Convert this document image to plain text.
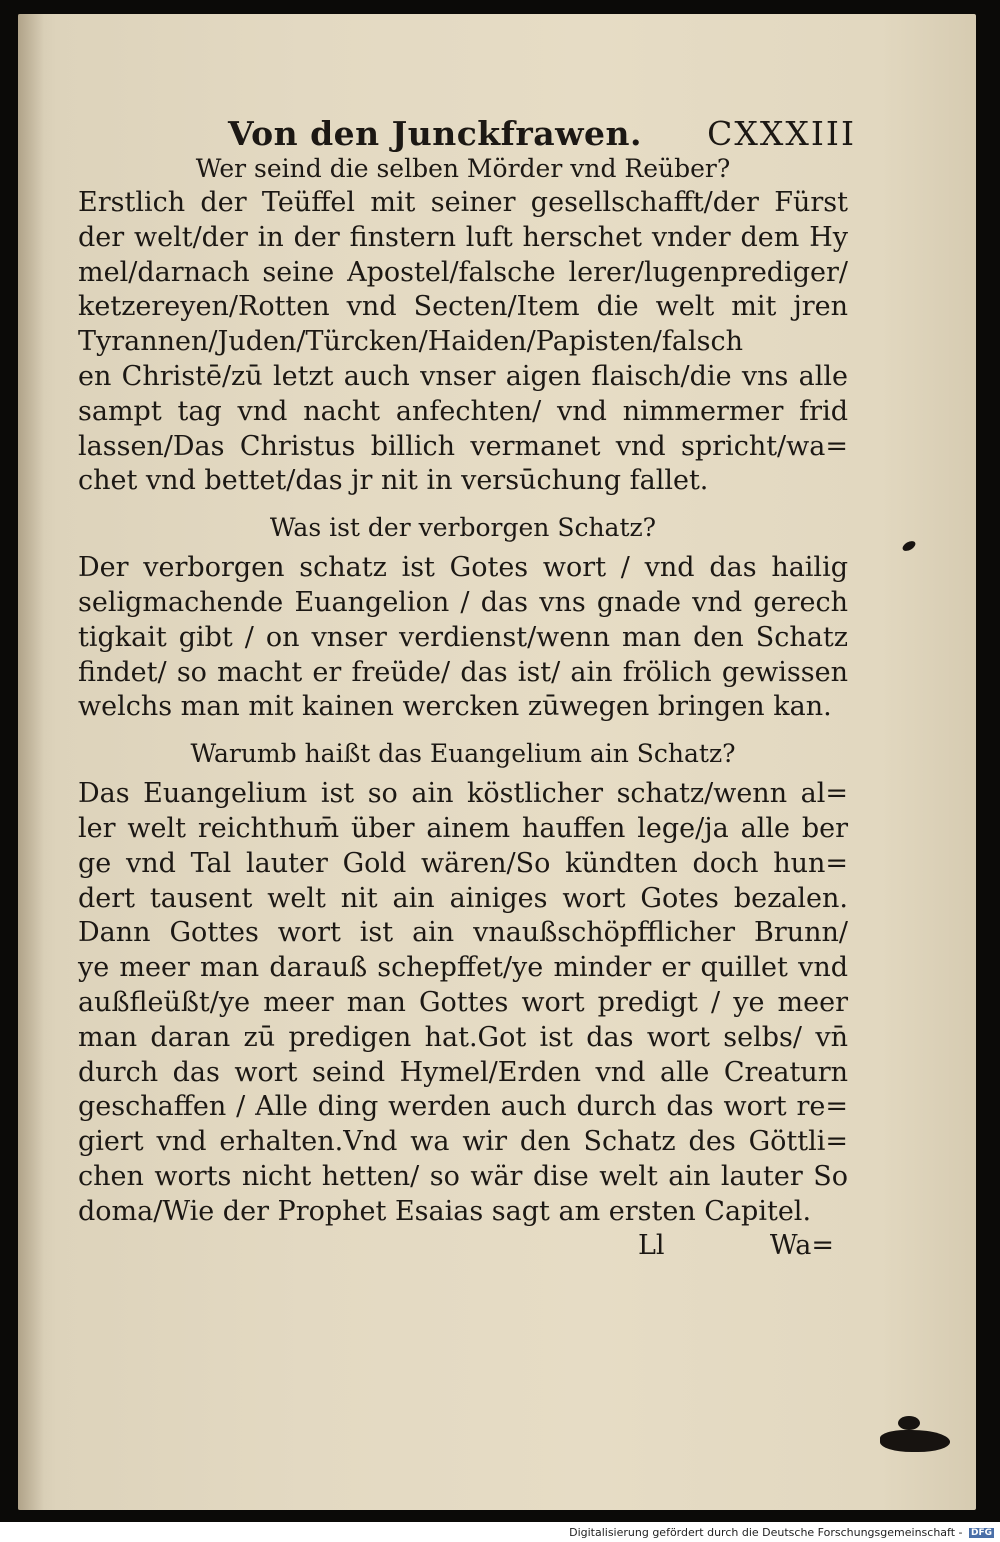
Von den Junckfrawen. CXXXIII

Wer seind die selben Mörder vnd Reüber?

Erstlich der Teüffel mit seiner gesellschafft/der Fürst
der welt/der in der finstern luft herschet vnder dem Hy
mel/darnach seine Apostel/falsche lerer/lugenprediger/
ketzereyen/Rotten vnd Secten/Item die welt mit jren
Tyrannen/Juden/Türcken/Haiden/Papisten/falsch
en Christē/zū letzt auch vnser aigen flaisch/die vns alle
sampt tag vnd nacht anfechten/ vnd nimmermer frid
lassen/Das Christus billich vermanet vnd spricht/wa=
chet vnd bettet/das jr nit in versūchung fallet.

Was ist der verborgen Schatz?

Der verborgen schatz ist Gotes wort / vnd das hailig
seligmachende Euangelion / das vns gnade vnd gerech
tigkait gibt / on vnser verdienst/wenn man den Schatz
findet/ so macht er freüde/ das ist/ ain frölich gewissen
welchs man mit kainen wercken zūwegen bringen kan.

Warumb haißt das Euangelium ain Schatz?

Das Euangelium ist so ain köstlicher schatz/wenn al=
ler welt reichthum̄ über ainem hauffen lege/ja alle ber
ge vnd Tal lauter Gold wären/So kündten doch hun=
dert tausent welt nit ain ainiges wort Gotes bezalen.
Dann Gottes wort ist ain vnaußschöpfflicher Brunn/
ye meer man darauß schepffet/ye minder er quillet vnd
außfleüßt/ye meer man Gottes wort predigt / ye meer
man daran zū predigen hat.Got ist das wort selbs/ vn̄
durch das wort seind Hymel/Erden vnd alle Creaturn
geschaffen / Alle ding werden auch durch das wort re=
giert vnd erhalten.Vnd wa wir den Schatz des Göttli=
chen worts nicht hetten/ so wär dise welt ain lauter So
doma/Wie der Prophet Esaias sagt am ersten Capitel.
Ll	Wa=
Digitalisierung gefördert durch die Deutsche Forschungsgemeinschaft - DFG
